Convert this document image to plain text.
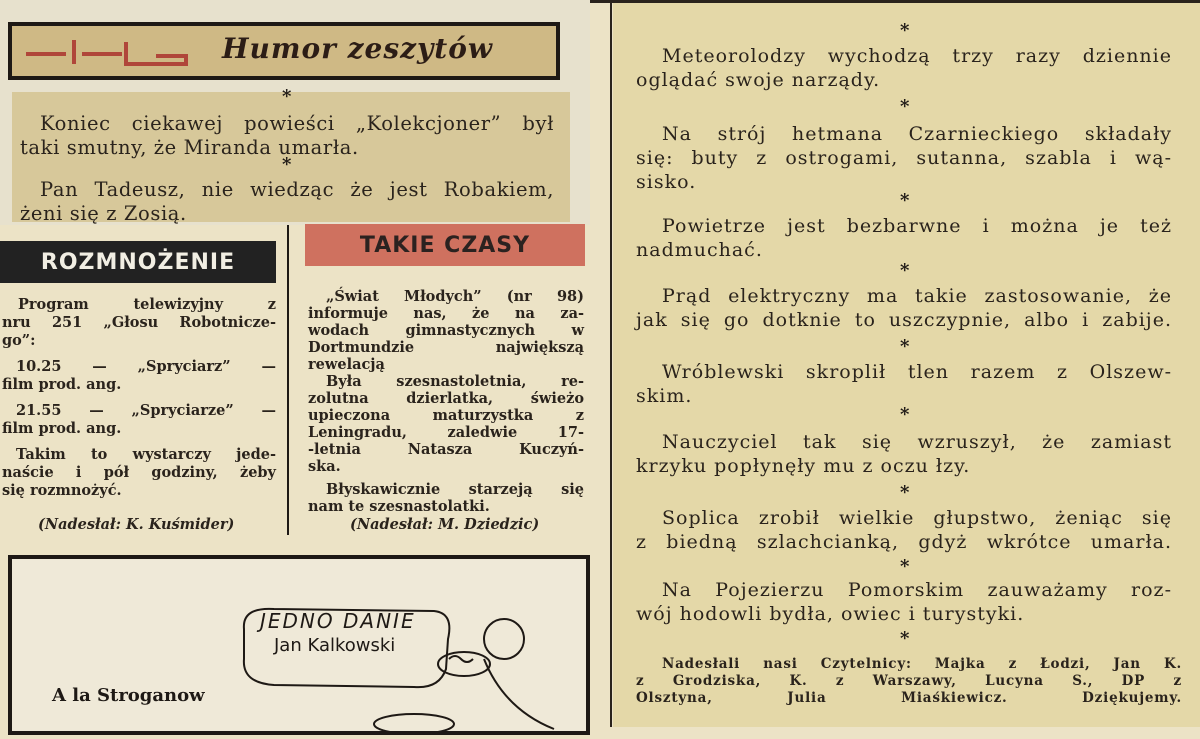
Humor zeszytów
*
Koniec ciekawej powieści „Kolekcjoner” był
taki smutny, że Miranda umarła.
*
Pan Tadeusz, nie wiedząc że jest Robakiem,
żeni się z Zosią.
ROZMNOŻENIE
Program telewizyjny z
nru 251 „Głosu Robotnicze-
go”:
10.25 — „Spryciarz” —
film prod. ang.
21.55 — „Spryciarze” —
film prod. ang.
Takim to wystarczy jede-
naście i pół godziny, żeby
się rozmnożyć.
(Nadesłał: K. Kuśmider)
TAKIE CZASY
„Świat Młodych” (nr 98)
informuje nas, że na za-
wodach gimnastycznych w
Dortmundzie największą
rewelacją
Była szesnastoletnia, re-
zolutna dzierlatka, świeżo
upieczona maturzystka z
Leningradu, zaledwie 17-
-letnia Natasza Kuczyń-
ska.
Błyskawicznie starzeją się
nam te szesnastolatki.
(Nadesłał: M. Dziedzic)
JEDNO DANIE
Jan Kalkowski
A la Stroganow
*
Meteorolodzy wychodzą trzy razy dziennie
oglądać swoje narządy.
*
Na strój hetmana Czarnieckiego składały
się: buty z ostrogami, sutanna, szabla i wą-
sisko.
*
Powietrze jest bezbarwne i można je też
nadmuchać.
*
Prąd elektryczny ma takie zastosowanie, że
jak się go dotknie to uszczypnie, albo i zabije.
*
Wróblewski skroplił tlen razem z Olszew-
skim.
*
Nauczyciel tak się wzruszył, że zamiast
krzyku popłynęły mu z oczu łzy.
*
Soplica zrobił wielkie głupstwo, żeniąc się
z biedną szlachcianką, gdyż wkrótce umarła.
*
Na Pojezierzu Pomorskim zauważamy roz-
wój hodowli bydła, owiec i turystyki.
*
Nadesłali nasi Czytelnicy: Majka z Łodzi, Jan K.
z Grodziska, K. z Warszawy, Lucyna S., DP z
Olsztyna, Julia Miaśkiewicz. Dziękujemy.
